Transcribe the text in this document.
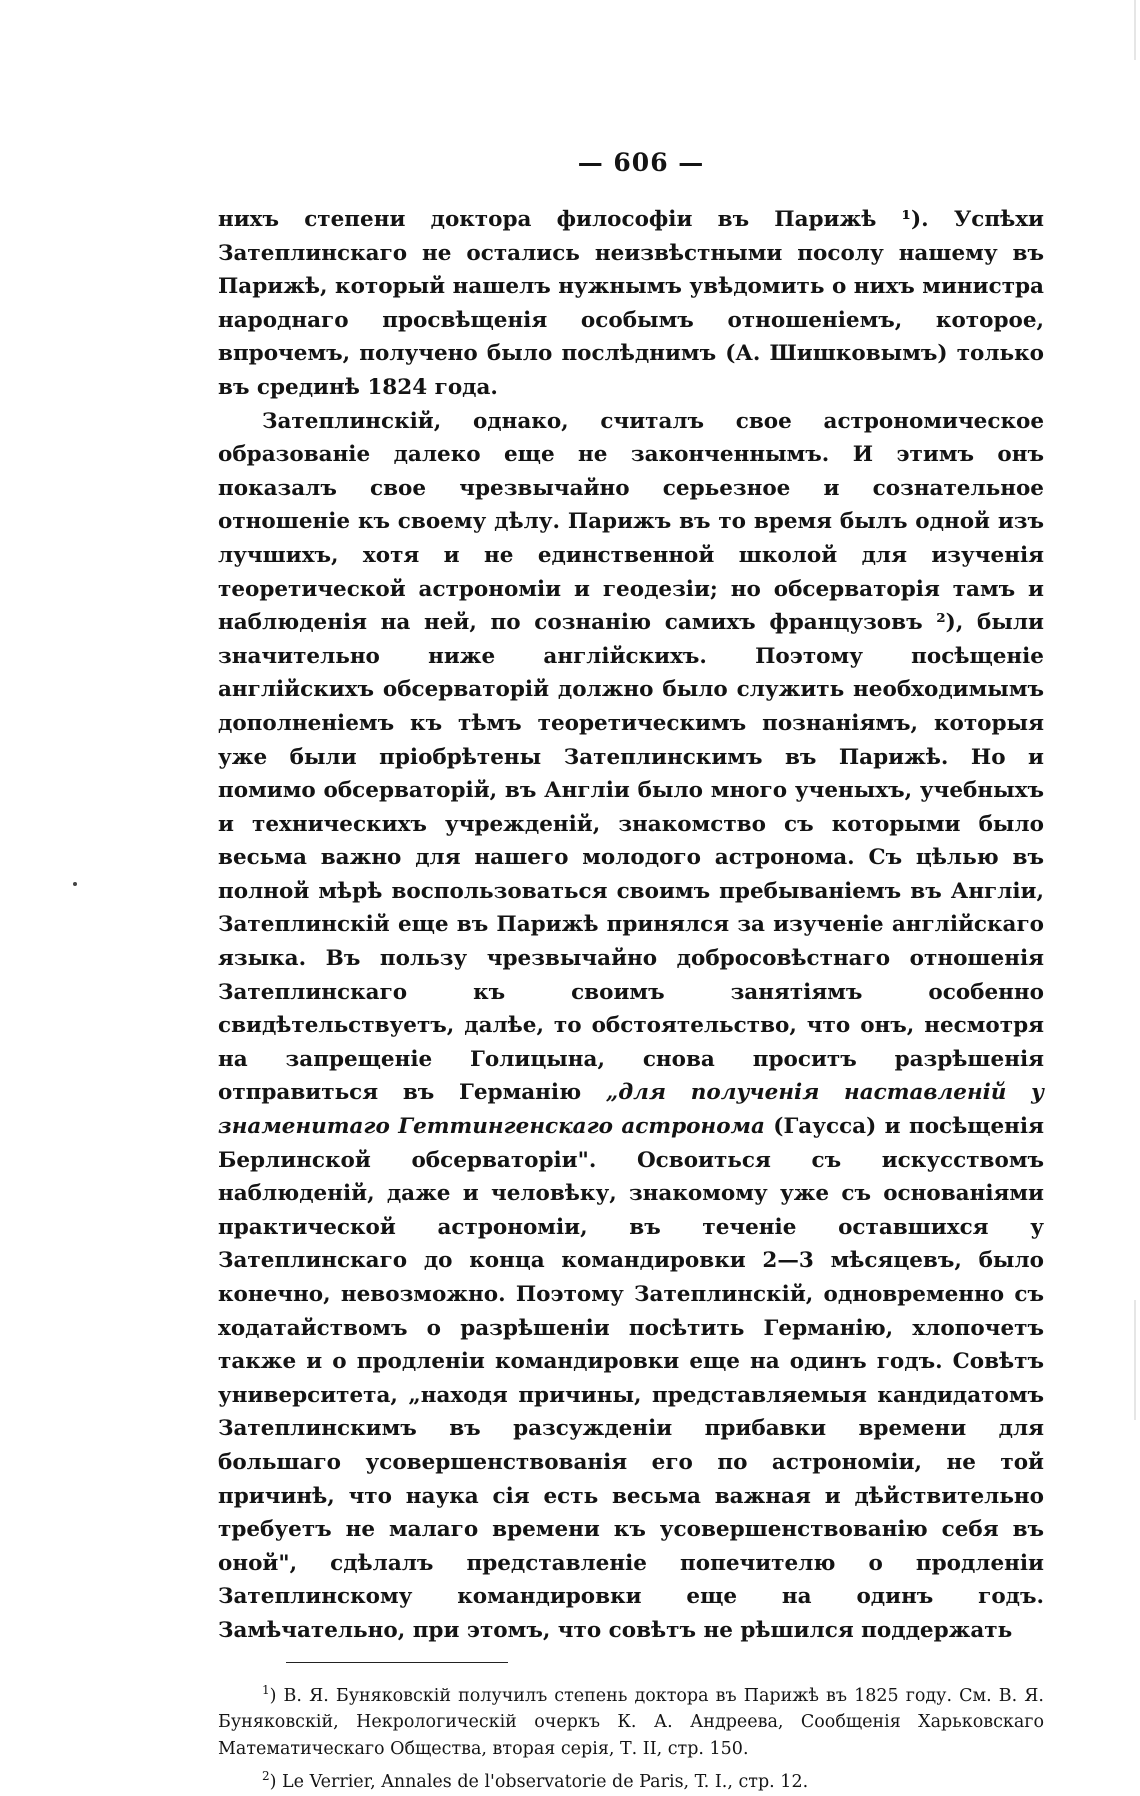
— 606 —

нихъ степени доктора философіи въ Парижѣ ¹). Успѣхи Затеплинскаго не остались неизвѣстными посолу нашему въ Парижѣ, который нашелъ нужнымъ увѣдомить о нихъ министра народнаго просвѣщенія особымъ отношеніемъ, которое, впрочемъ, получено было послѣднимъ (А. Шишковымъ) только въ срединѣ 1824 года.

Затеплинскій, однако, считалъ свое астрономическое образованіе далеко еще не законченнымъ. И этимъ онъ показалъ свое чрезвычайно серьезное и сознательное отношеніе къ своему дѣлу. Парижъ въ то время былъ одной изъ лучшихъ, хотя и не единственной школой для изученія теоретической астрономіи и геодезіи; но обсерваторія тамъ и наблюденія на ней, по сознанію самихъ французовъ ²), были значительно ниже англійскихъ. Поэтому посѣщеніе англійскихъ обсерваторій должно было служить необходимымъ дополненіемъ къ тѣмъ теоретическимъ познаніямъ, которыя уже были пріобрѣтены Затеплинскимъ въ Парижѣ. Но и помимо обсерваторій, въ Англіи было много ученыхъ, учебныхъ и техническихъ учрежденій, знакомство съ которыми было весьма важно для нашего молодого астронома. Съ цѣлью въ полной мѣрѣ воспользоваться своимъ пребываніемъ въ Англіи, Затеплинскій еще въ Парижѣ принялся за изученіе англійскаго языка. Въ пользу чрезвычайно добросовѣстнаго отношенія Затеплинскаго къ своимъ занятіямъ особенно свидѣтельствуетъ, далѣе, то обстоятельство, что онъ, несмотря на запрещеніе Голицына, снова проситъ разрѣшенія отправиться въ Германію „для полученія наставленій у знаменитаго Геттингенскаго астронома (Гаусса) и посѣщенія Берлинской обсерваторіи". Освоиться съ искусствомъ наблюденій, даже и человѣку, знакомому уже съ основаніями практической астрономіи, въ теченіе оставшихся у Затеплинскаго до конца командировки 2—3 мѣсяцевъ, было конечно, невозможно. Поэтому Затеплинскій, одновременно съ ходатайствомъ о разрѣшеніи посѣтить Германію, хлопочетъ также и о продленіи командировки еще на одинъ годъ. Совѣтъ университета, „находя причины, представляемыя кандидатомъ Затеплинскимъ въ разсужденіи прибавки времени для большаго усовершенствованія его по астрономіи, не той причинѣ, что наука сія есть весьма важная и дѣйствительно требуетъ не малаго времени къ усовершенствованію себя въ оной", сдѣлалъ представленіе попечителю о продленіи Затеплинскому командировки еще на одинъ годъ. Замѣчательно, при этомъ, что совѣтъ не рѣшился поддержать

$^1$) В. Я. Буняковскій получилъ степень доктора въ Парижѣ въ 1825 году. См. В. Я. Буняковскій, Некрологическій очеркъ К. А. Андреева, Сообщенія Харьковскаго Математическаго Общества, вторая серія, Т. II, стр. 150.

$^2$) Le Verrier, Annales de l'observatorie de Paris, T. I., стр. 12.
